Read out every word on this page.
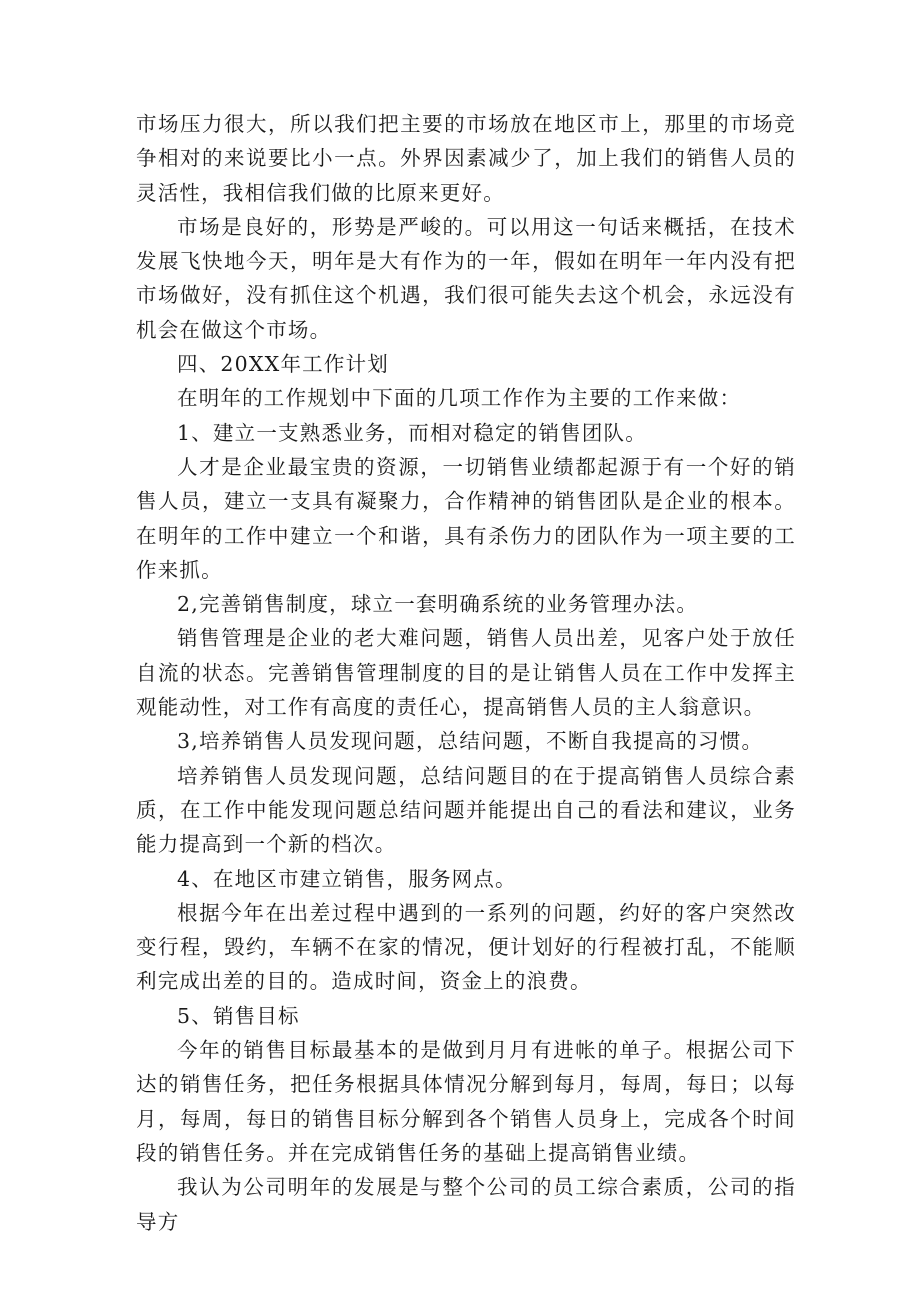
市场压力很大，所以我们把主要的市场放在地区市上，那里的市场竞争相对的来说要比小一点。外界因素减少了，加上我们的销售人员的灵活性，我相信我们做的比原来更好。

市场是良好的，形势是严峻的。可以用这一句话来概括，在技术发展飞快地今天，明年是大有作为的一年，假如在明年一年内没有把市场做好，没有抓住这个机遇，我们很可能失去这个机会，永远没有机会在做这个市场。

四、20XX年工作计划

在明年的工作规划中下面的几项工作作为主要的工作来做：

1、建立一支熟悉业务，而相对稳定的销售团队。

人才是企业最宝贵的资源，一切销售业绩都起源于有一个好的销售人员，建立一支具有凝聚力，合作精神的销售团队是企业的根本。在明年的工作中建立一个和谐，具有杀伤力的团队作为一项主要的工作来抓。

2,完善销售制度，球立一套明确系统的业务管理办法。

销售管理是企业的老大难问题，销售人员出差，见客户处于放任自流的状态。完善销售管理制度的目的是让销售人员在工作中发挥主观能动性，对工作有高度的责任心，提高销售人员的主人翁意识。

3,培养销售人员发现问题，总结问题，不断自我提高的习惯。

培养销售人员发现问题，总结问题目的在于提高销售人员综合素质，在工作中能发现问题总结问题并能提出自己的看法和建议，业务能力提高到一个新的档次。

4、在地区市建立销售，服务网点。

根据今年在出差过程中遇到的一系列的问题，约好的客户突然改变行程，毁约，车辆不在家的情况，便计划好的行程被打乱，不能顺利完成出差的目的。造成时间，资金上的浪费。

5、销售目标

今年的销售目标最基本的是做到月月有进帐的单子。根据公司下达的销售任务，把任务根据具体情况分解到每月，每周，每日；以每月，每周，每日的销售目标分解到各个销售人员身上，完成各个时间段的销售任务。并在完成销售任务的基础上提高销售业绩。

我认为公司明年的发展是与整个公司的员工综合素质，公司的指导方
